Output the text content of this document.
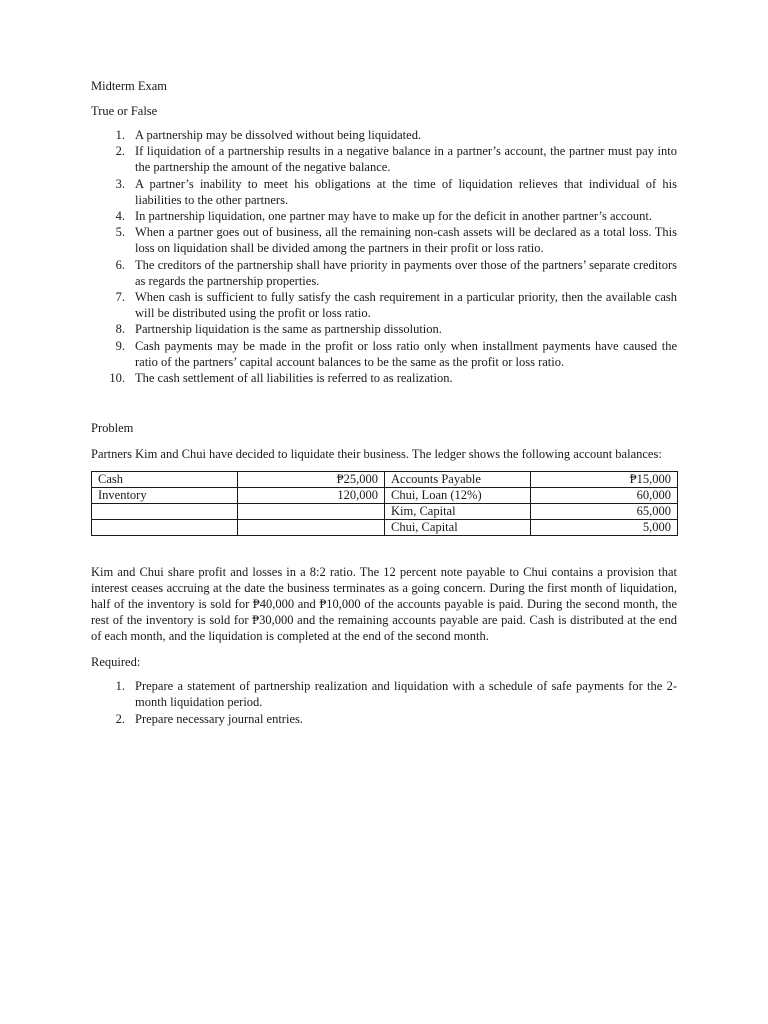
Midterm Exam

True or False

1. A partnership may be dissolved without being liquidated.
2. If liquidation of a partnership results in a negative balance in a partner’s account, the partner must pay into the partnership the amount of the negative balance.
3. A partner’s inability to meet his obligations at the time of liquidation relieves that individual of his liabilities to the other partners.
4. In partnership liquidation, one partner may have to make up for the deficit in another partner’s account.
5. When a partner goes out of business, all the remaining non-cash assets will be declared as a total loss. This loss on liquidation shall be divided among the partners in their profit or loss ratio.
6. The creditors of the partnership shall have priority in payments over those of the partners’ separate creditors as regards the partnership properties.
7. When cash is sufficient to fully satisfy the cash requirement in a particular priority, then the available cash will be distributed using the profit or loss ratio.
8. Partnership liquidation is the same as partnership dissolution.
9. Cash payments may be made in the profit or loss ratio only when installment payments have caused the ratio of the partners’ capital account balances to be the same as the profit or loss ratio.
10. The cash settlement of all liabilities is referred to as realization.

Problem

Partners Kim and Chui have decided to liquidate their business. The ledger shows the following account balances:

Cash	₱25,000	Accounts Payable	₱15,000
Inventory	120,000	Chui, Loan (12%)	60,000
		Kim, Capital	65,000
		Chui, Capital	5,000

Kim and Chui share profit and losses in a 8:2 ratio. The 12 percent note payable to Chui contains a provision that interest ceases accruing at the date the business terminates as a going concern. During the first month of liquidation, half of the inventory is sold for ₱40,000 and ₱10,000 of the accounts payable is paid. During the second month, the rest of the inventory is sold for ₱30,000 and the remaining accounts payable are paid. Cash is distributed at the end of each month, and the liquidation is completed at the end of the second month.

Required:

1. Prepare a statement of partnership realization and liquidation with a schedule of safe payments for the 2-month liquidation period.
2. Prepare necessary journal entries.
